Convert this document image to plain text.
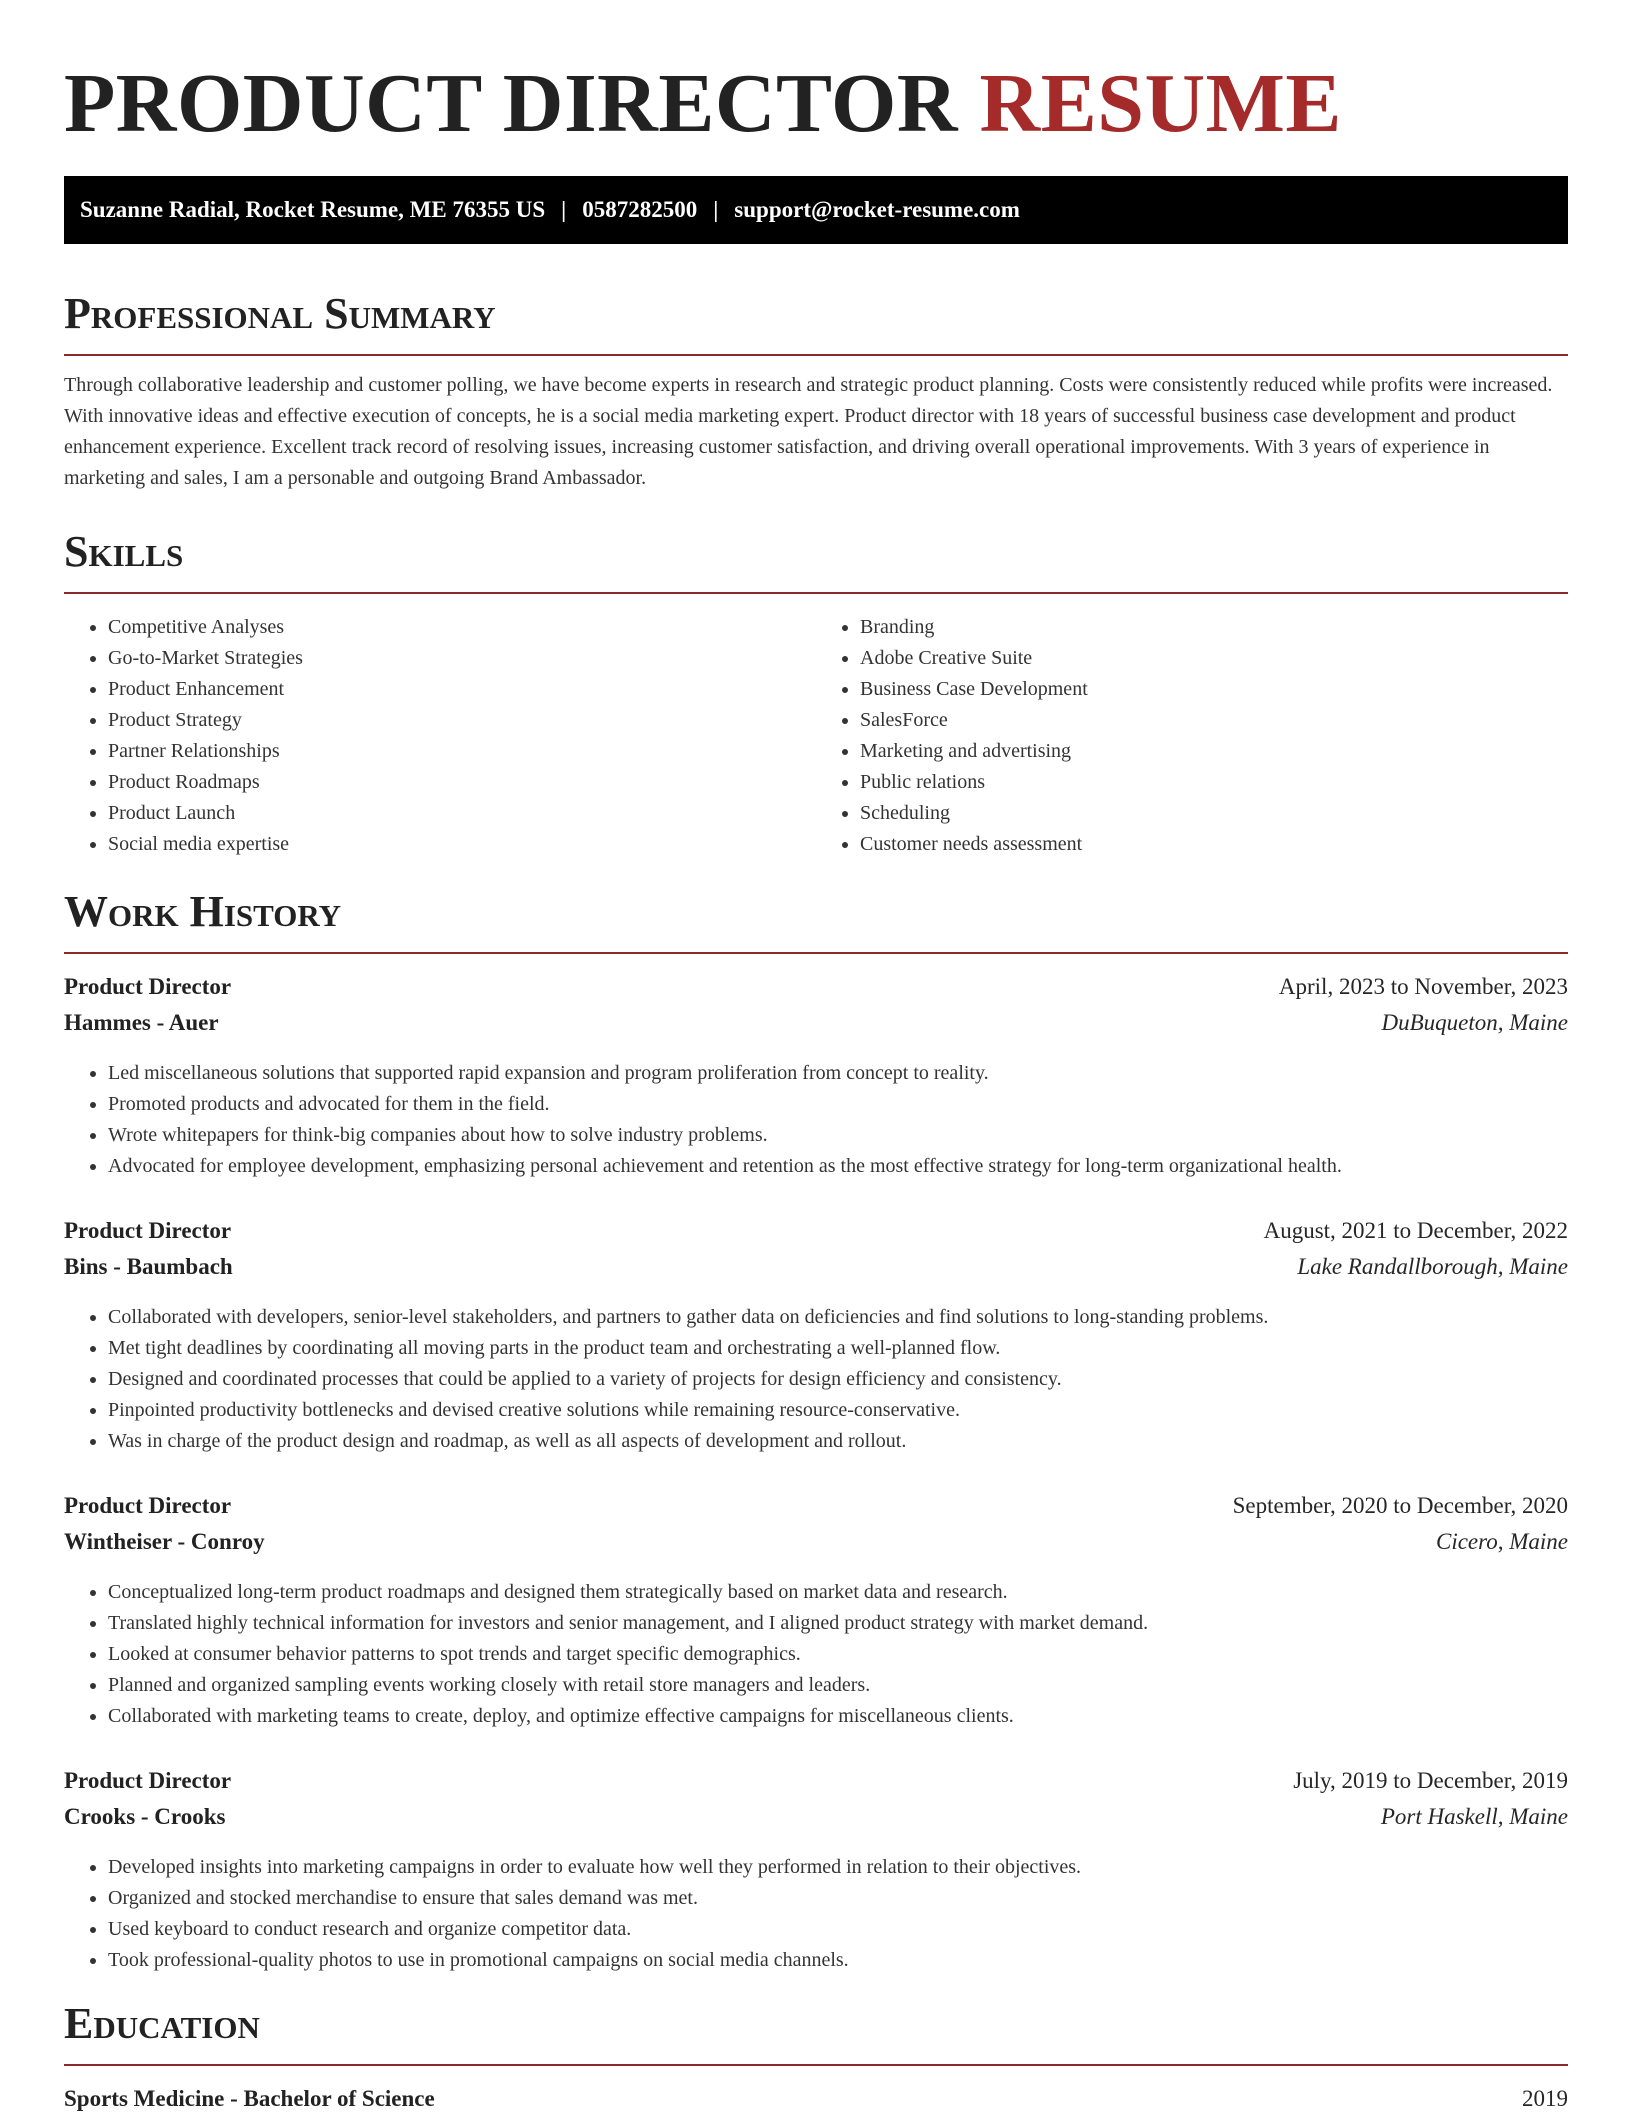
PRODUCT DIRECTOR RESUME
Suzanne Radial, Rocket Resume, ME 76355 US | 0587282500 | support@rocket-resume.com
Professional Summary

Through collaborative leadership and customer polling, we have become experts in research and strategic product planning. Costs were consistently reduced while profits were increased. With innovative ideas and effective execution of concepts, he is a social media marketing expert. Product director with 18 years of successful business case development and product enhancement experience. Excellent track record of resolving issues, increasing customer satisfaction, and driving overall operational improvements. With 3 years of experience in marketing and sales, I am a personable and outgoing Brand Ambassador.

Skills
• Competitive Analyses
• Go-to-Market Strategies
• Product Enhancement
• Product Strategy
• Partner Relationships
• Product Roadmaps
• Product Launch
• Social media expertise
• Branding
• Adobe Creative Suite
• Business Case Development
• SalesForce
• Marketing and advertising
• Public relations
• Scheduling
• Customer needs assessment
Work History
Product Director	April, 2023 to November, 2023
Hammes - Auer	DuBuqueton, Maine
• Led miscellaneous solutions that supported rapid expansion and program proliferation from concept to reality.
• Promoted products and advocated for them in the field.
• Wrote whitepapers for think-big companies about how to solve industry problems.
• Advocated for employee development, emphasizing personal achievement and retention as the most effective strategy for long-term organizational health.
Product Director	August, 2021 to December, 2022
Bins - Baumbach	Lake Randallborough, Maine
• Collaborated with developers, senior-level stakeholders, and partners to gather data on deficiencies and find solutions to long-standing problems.
• Met tight deadlines by coordinating all moving parts in the product team and orchestrating a well-planned flow.
• Designed and coordinated processes that could be applied to a variety of projects for design efficiency and consistency.
• Pinpointed productivity bottlenecks and devised creative solutions while remaining resource-conservative.
• Was in charge of the product design and roadmap, as well as all aspects of development and rollout.
Product Director	September, 2020 to December, 2020
Wintheiser - Conroy	Cicero, Maine
• Conceptualized long-term product roadmaps and designed them strategically based on market data and research.
• Translated highly technical information for investors and senior management, and I aligned product strategy with market demand.
• Looked at consumer behavior patterns to spot trends and target specific demographics.
• Planned and organized sampling events working closely with retail store managers and leaders.
• Collaborated with marketing teams to create, deploy, and optimize effective campaigns for miscellaneous clients.
Product Director	July, 2019 to December, 2019
Crooks - Crooks	Port Haskell, Maine
• Developed insights into marketing campaigns in order to evaluate how well they performed in relation to their objectives.
• Organized and stocked merchandise to ensure that sales demand was met.
• Used keyboard to conduct research and organize competitor data.
• Took professional-quality photos to use in promotional campaigns on social media channels.
Education
Sports Medicine - Bachelor of Science	2019
